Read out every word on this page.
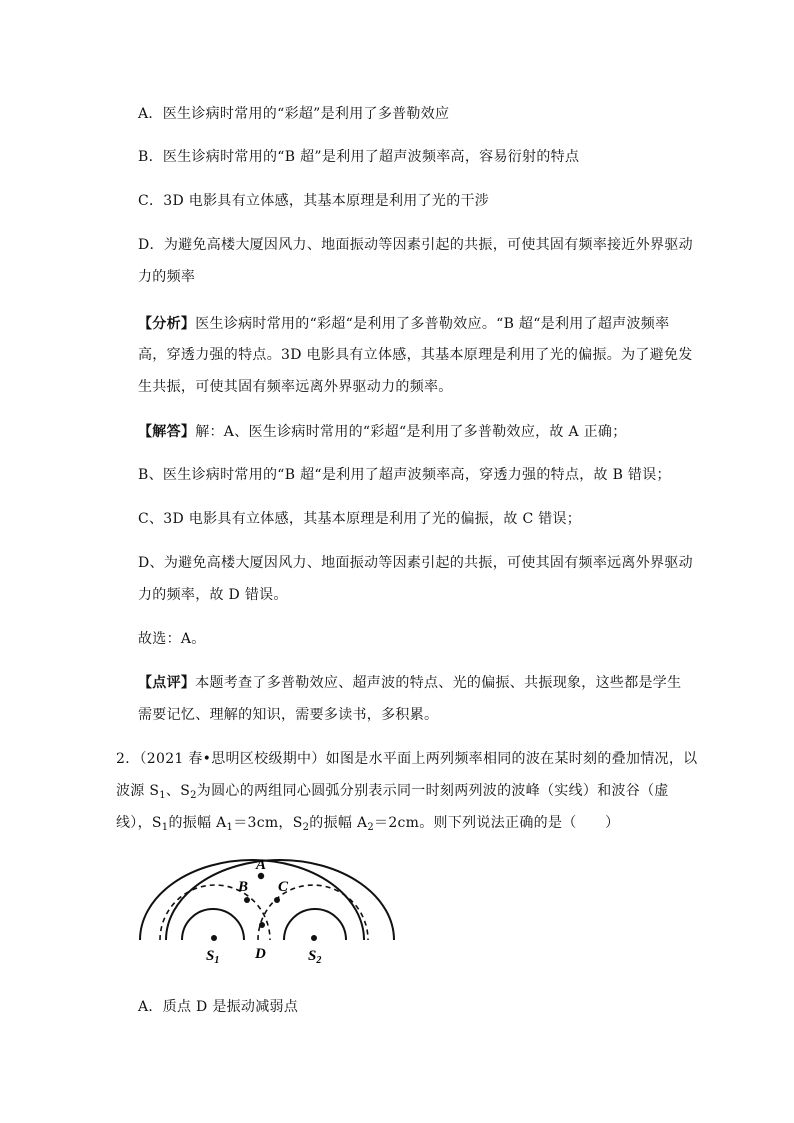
A．医生诊病时常用的“彩超”是利用了多普勒效应
B．医生诊病时常用的“B 超”是利用了超声波频率高，容易衍射的特点
C．3D 电影具有立体感，其基本原理是利用了光的干涉
D．为避免高楼大厦因风力、地面振动等因素引起的共振，可使其固有频率接近外界驱动
力的频率
【分析】医生诊病时常用的“彩超“是利用了多普勒效应。“B 超“是利用了超声波频率
高，穿透力强的特点。3D 电影具有立体感，其基本原理是利用了光的偏振。为了避免发
生共振，可使其固有频率远离外界驱动力的频率。
【解答】解：A、医生诊病时常用的“彩超“是利用了多普勒效应，故 A 正确；
B、医生诊病时常用的“B 超“是利用了超声波频率高，穿透力强的特点，故 B 错误；
C、3D 电影具有立体感，其基本原理是利用了光的偏振，故 C 错误；
D、为避免高楼大厦因风力、地面振动等因素引起的共振，可使其固有频率远离外界驱动
力的频率，故 D 错误。
故选：A。
【点评】本题考查了多普勒效应、超声波的特点、光的偏振、共振现象，这些都是学生
需要记忆、理解的知识，需要多读书，多积累。
2．（2021 春•思明区校级期中）如图是水平面上两列频率相同的波在某时刻的叠加情况，以
波源 $S_1$、$S_2$为圆心的两组同心圆弧分别表示同一时刻两列波的波峰（实线）和波谷（虚
线），$S_1$的振幅 $A_1=3cm$，$S_2$的振幅 $A_2=2cm$。则下列说法正确的是（　　）
A
B C
D
$S_1$	$S_2$
A．质点 D 是振动减弱点
